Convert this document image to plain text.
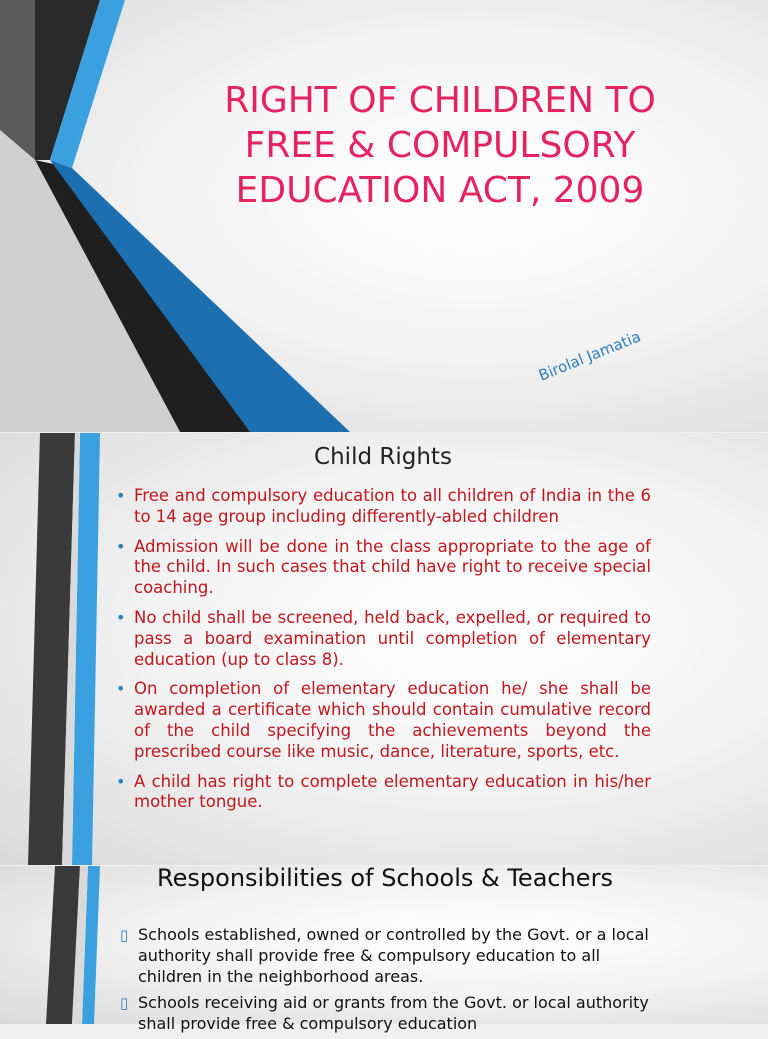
RIGHT OF CHILDREN TO
FREE & COMPULSORY
EDUCATION ACT, 2009

Birolal Jamatia

Child Rights
• Free and compulsory education to all children of India in the 6 to 14 age group including differently-abled children
• Admission will be done in the class appropriate to the age of the child. In such cases that child have right to receive special coaching.
• No child shall be screened, held back, expelled, or required to pass a board examination until completion of elementary education (up to class 8).
• On completion of elementary education he/ she shall be awarded a certificate which should contain cumulative record of the child specifying the achievements beyond the prescribed course like music, dance, literature, sports, etc.
• A child has right to complete elementary education in his/her mother tongue.
Responsibilities of Schools & Teachers
▯ Schools established, owned or controlled by the Govt. or a local authority shall provide free & compulsory education to all children in the neighborhood areas.
▯ Schools receiving aid or grants from the Govt. or local authority shall provide free & compulsory education
